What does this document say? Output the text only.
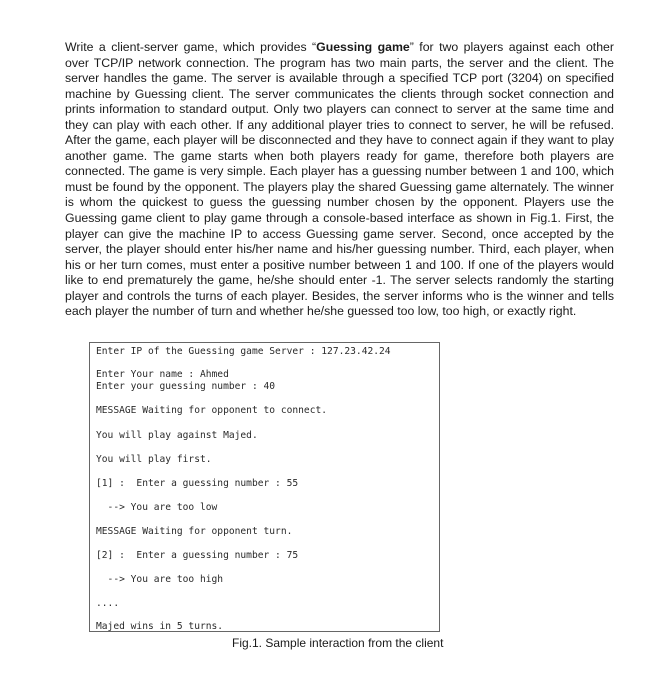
Write a client-server game, which provides “Guessing game” for two players against each other over TCP/IP network connection. The program has two main parts, the server and the client. The server handles the game. The server is available through a specified TCP port (3204) on specified machine by Guessing client. The server communicates the clients through socket connection and prints information to standard output. Only two players can connect to server at the same time and they can play with each other. If any additional player tries to connect to server, he will be refused. After the game, each player will be disconnected and they have to connect again if they want to play another game. The game starts when both players ready for game, therefore both players are connected. The game is very simple. Each player has a guessing number between 1 and 100, which must be found by the opponent. The players play the shared Guessing game alternately. The winner is whom the quickest to guess the guessing number chosen by the opponent. Players use the Guessing game client to play game through a console-based interface as shown in Fig.1. First, the player can give the machine IP to access Guessing game server. Second, once accepted by the server, the player should enter his/her name and his/her guessing number. Third, each player, when his or her turn comes, must enter a positive number between 1 and 100. If one of the players would like to end prematurely the game, he/she should enter -1. The server selects randomly the starting player and controls the turns of each player. Besides, the server informs who is the winner and tells each player the number of turn and whether he/she guessed too low, too high, or exactly right.

Enter IP of the Guessing game Server : 127.23.42.24
Enter Your name : Ahmed
Enter your guessing number : 40
MESSAGE Waiting for opponent to connect.
You will play against Majed.
You will play first.
[1] :  Enter a guessing number : 55
--> You are too low
MESSAGE Waiting for opponent turn.
[2] :  Enter a guessing number : 75
--> You are too high
....
Majed wins in 5 turns.
Fig.1. Sample interaction from the client
